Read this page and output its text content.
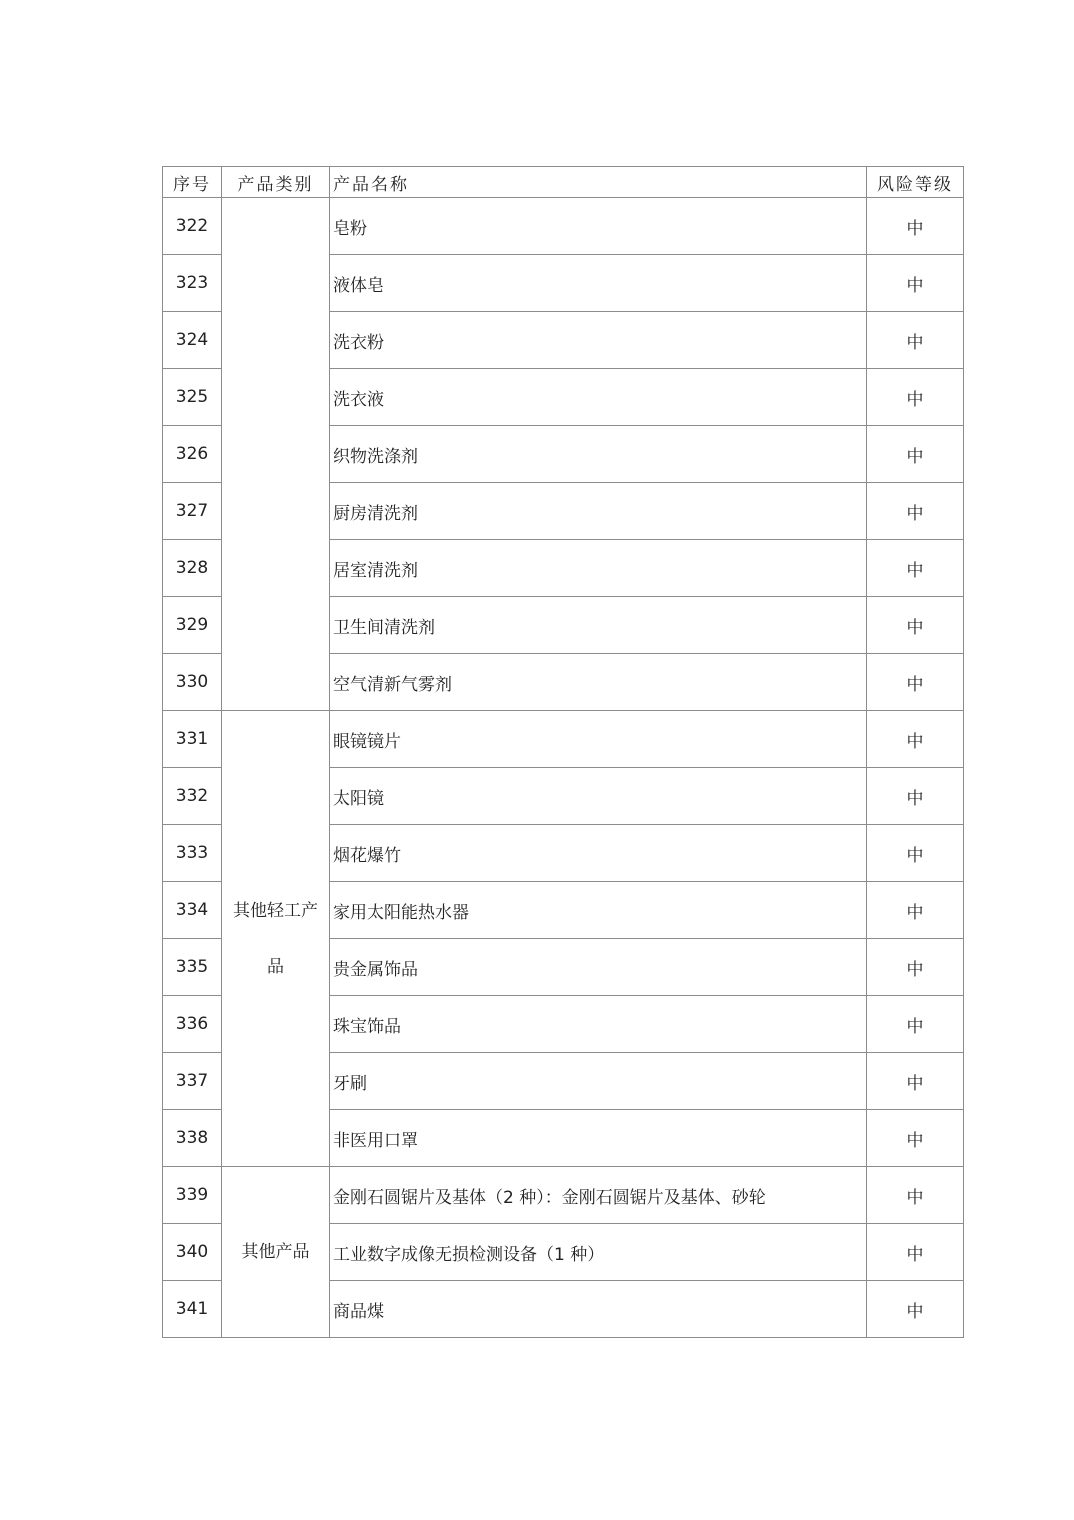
序号	产品类别	产品名称	风险等级
322		皂粉	中
323		液体皂	中
324		洗衣粉	中
325		洗衣液	中
326		织物洗涤剂	中
327		厨房清洗剂	中
328		居室清洗剂	中
329		卫生间清洗剂	中
330		空气清新气雾剂	中
331	其他轻工产品	眼镜镜片	中
332		太阳镜	中
333		烟花爆竹	中
334		家用太阳能热水器	中
335		贵金属饰品	中
336		珠宝饰品	中
337		牙刷	中
338		非医用口罩	中
339	其他产品	金刚石圆锯片及基体（2 种）：金刚石圆锯片及基体、砂轮	中
340		工业数字成像无损检测设备（1 种）	中
341		商品煤	中
